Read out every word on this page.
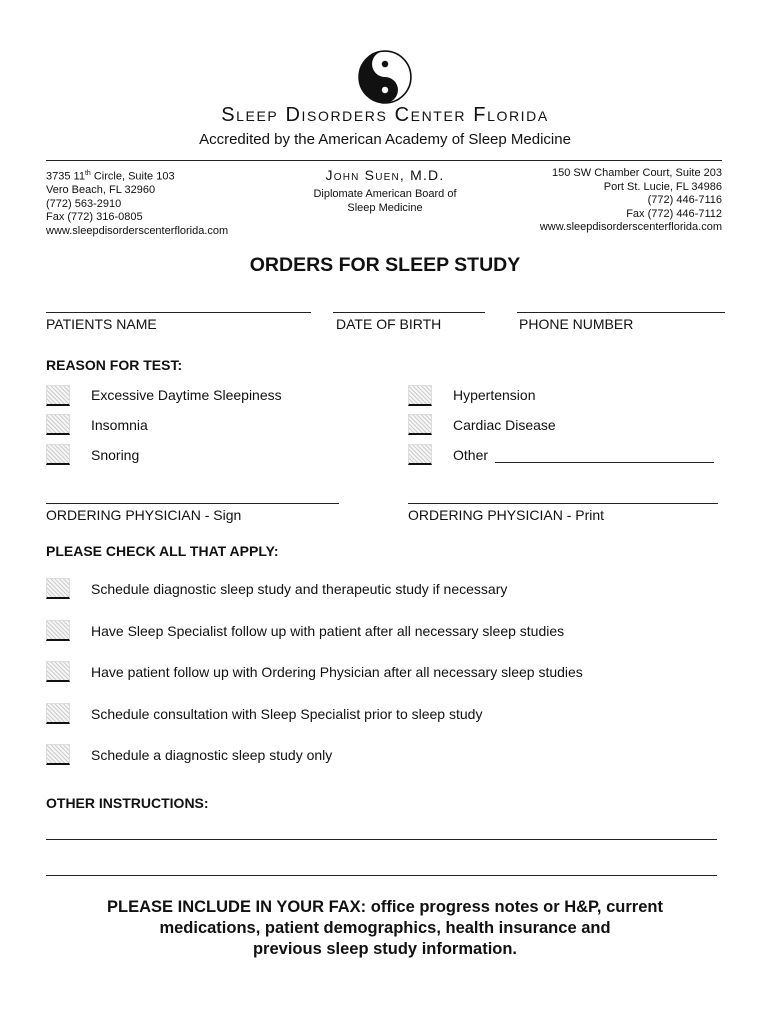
Sleep Disorders Center Florida
Accredited by the American Academy of Sleep Medicine
3735 11th Circle, Suite 103
Vero Beach, FL 32960
(772) 563-2910
Fax (772) 316-0805
www.sleepdisorderscenterflorida.com
John Suen, M.D.
Diplomate American Board of
Sleep Medicine
150 SW Chamber Court, Suite 203
Port St. Lucie, FL 34986
(772) 446-7116
Fax (772) 446-7112
www.sleepdisorderscenterflorida.com
ORDERS FOR SLEEP STUDY
PATIENTS NAME	DATE OF BIRTH	PHONE NUMBER
REASON FOR TEST:
Excessive Daytime Sleepiness
Insomnia
Snoring
Hypertension
Cardiac Disease
Other
ORDERING PHYSICIAN - Sign	ORDERING PHYSICIAN - Print
PLEASE CHECK ALL THAT APPLY:
Schedule diagnostic sleep study and therapeutic study if necessary
Have Sleep Specialist follow up with patient after all necessary sleep studies
Have patient follow up with Ordering Physician after all necessary sleep studies
Schedule consultation with Sleep Specialist prior to sleep study
Schedule a diagnostic sleep study only
OTHER INSTRUCTIONS:
PLEASE INCLUDE IN YOUR FAX: office progress notes or H&P, current
medications, patient demographics, health insurance and
previous sleep study information.
